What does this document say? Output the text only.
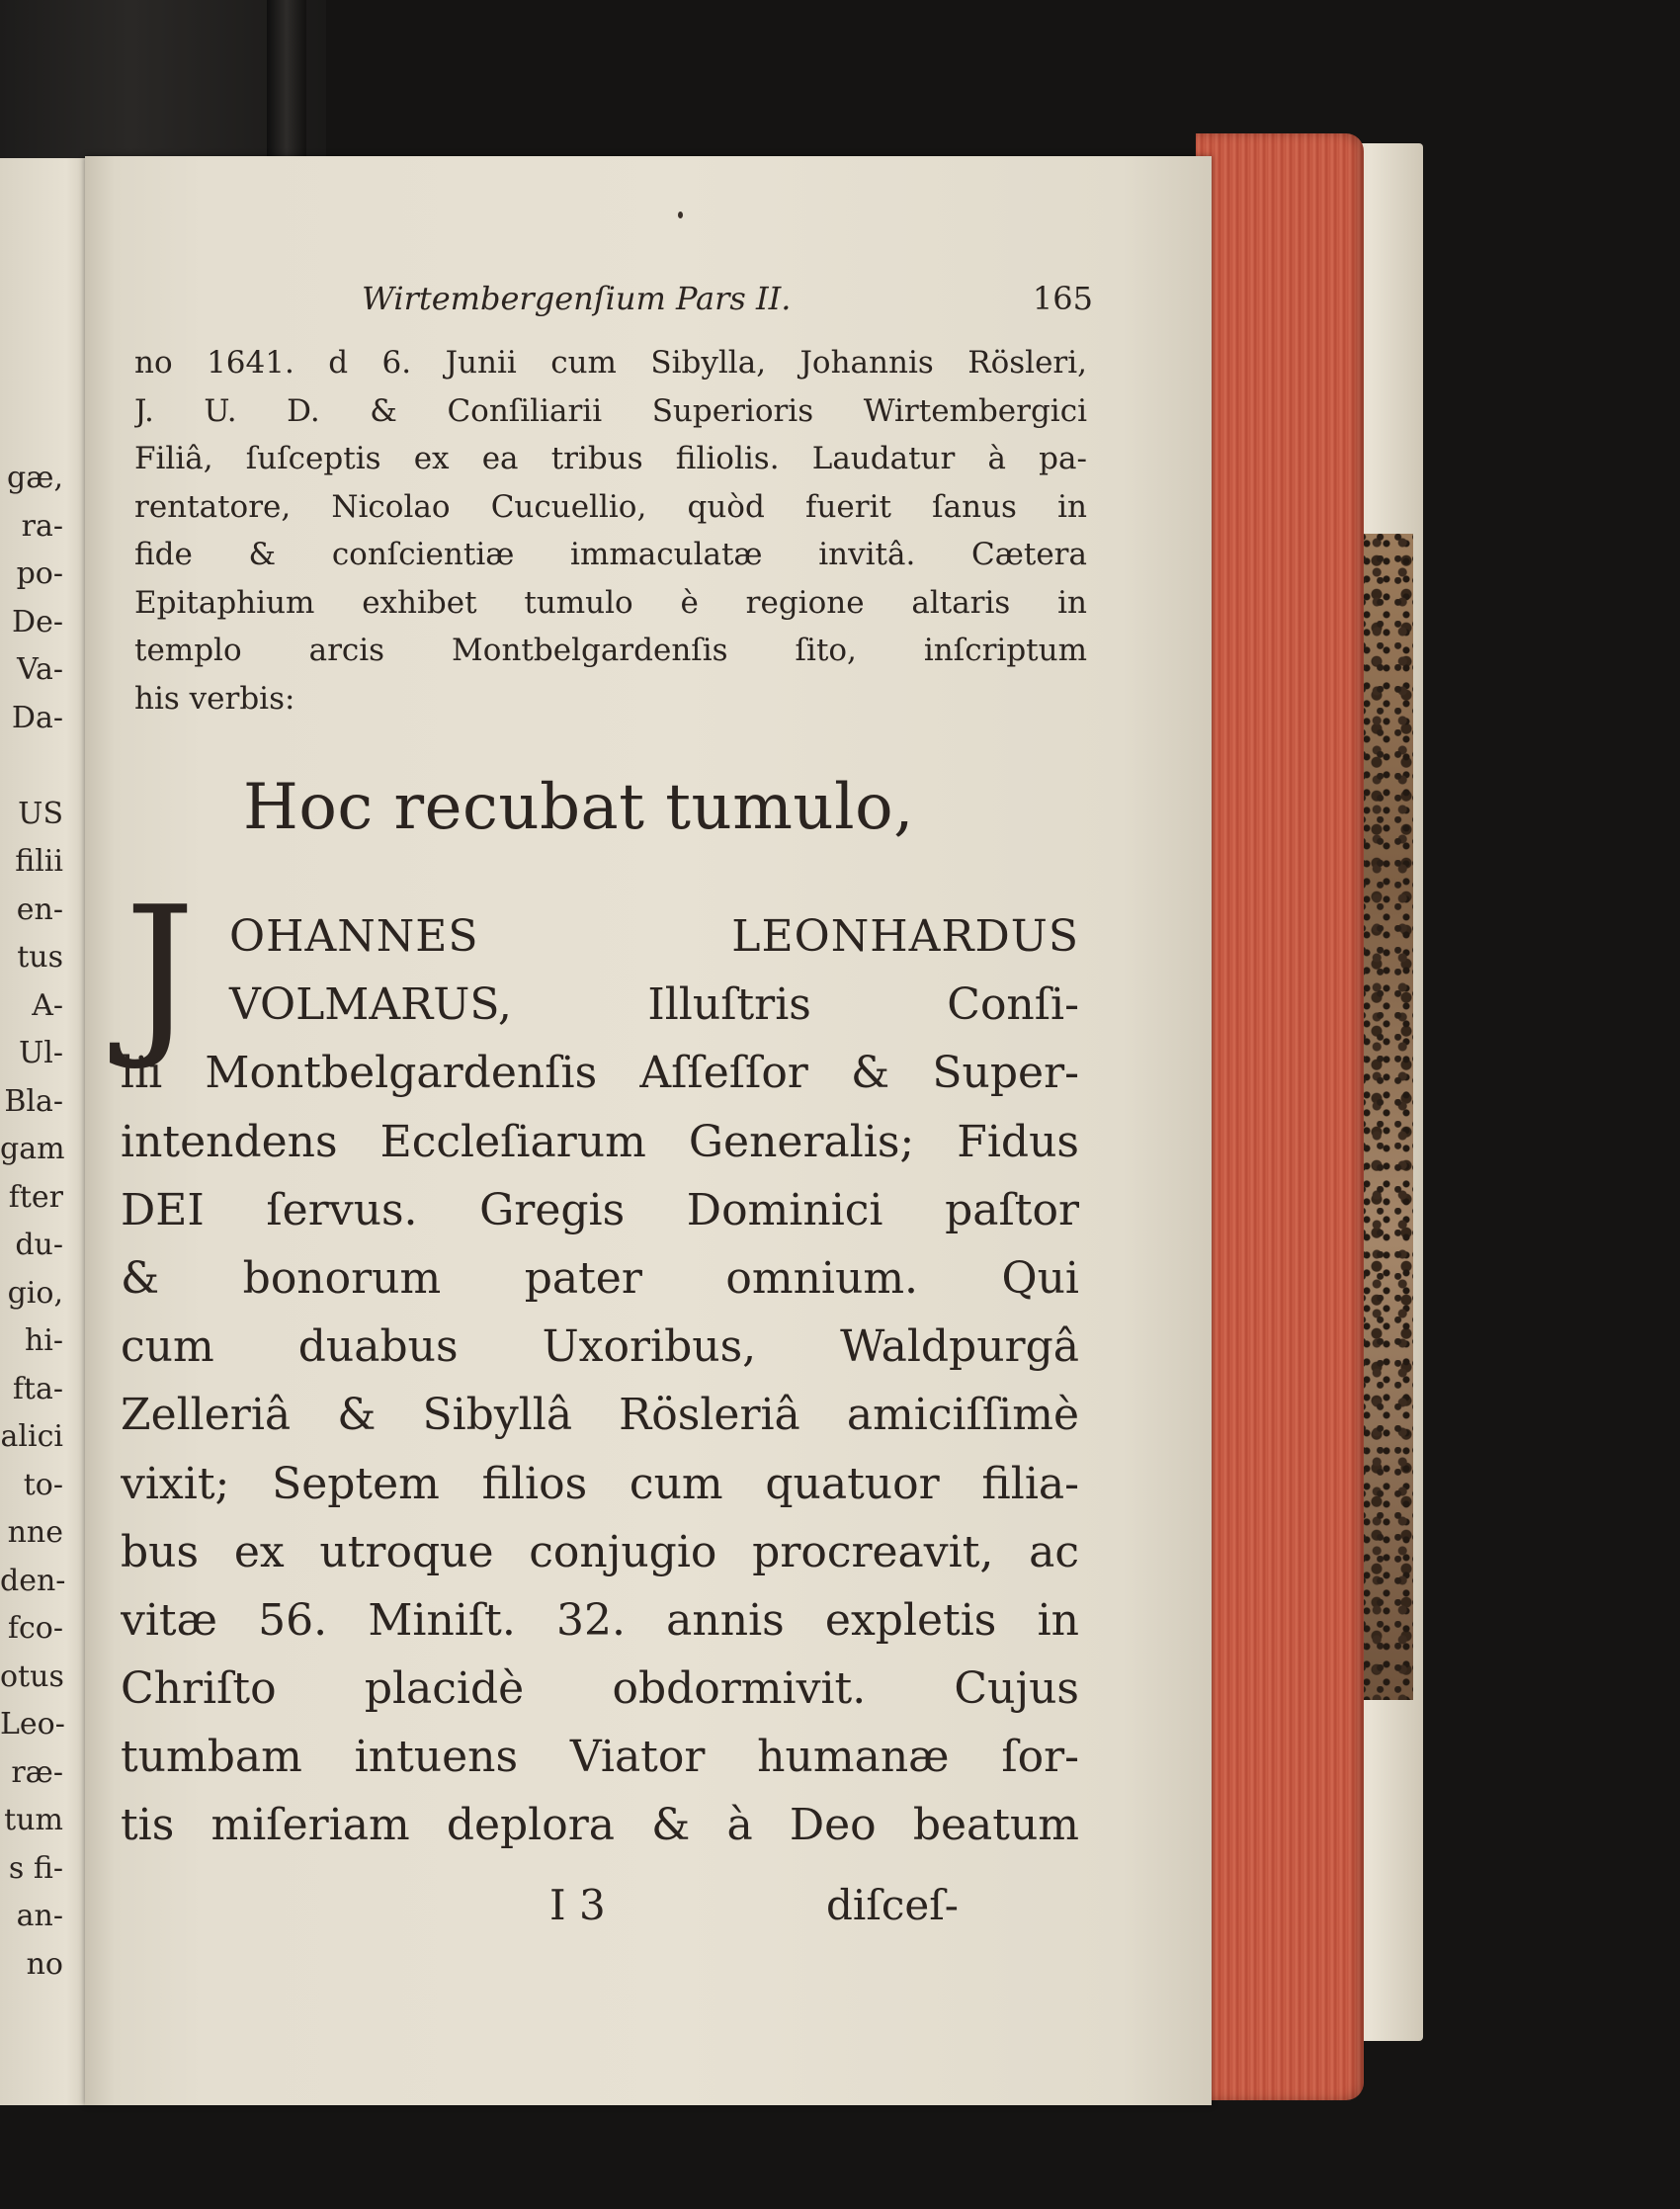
gæ,
ra-
po-
De-
Va-
Da-
US
filii
en-
tus
A-
Ul-
Bla-
gam
fter
du-
gio,
hi-
fta-
alici
to-
nne
den-
fco-
otus
Leo-
ræ-
tum
s fi-
an-
no
Wirtembergenſium Pars II.	165
no 1641. d 6. Junii cum Sibylla, Johannis Rösleri,
J. U. D. & Conſiliarii Superioris Wirtembergici
Filiâ, ſuſceptis ex ea tribus filiolis. Laudatur à pa-
rentatore, Nicolao Cucuellio, quòd fuerit ſanus in
fide & conſcientiæ immaculatæ invitâ. Cætera
Epitaphium exhibet tumulo è regione altaris in
templo arcis Montbelgardenſis ſito, inſcriptum
his verbis:
Hoc recubat tumulo,
J OHANNES LEONHARDUS
VOLMARUS, Illuſtris Conſi-
lii Montbelgardenſis Aſſeſſor & Super-
intendens Eccleſiarum Generalis; Fidus
DEI ſervus. Gregis Dominici paſtor
& bonorum pater omnium. Qui
cum duabus Uxoribus, Waldpurgâ
Zelleriâ & Sibyllâ Rösleriâ amiciſſimè
vixit; Septem filios cum quatuor filia-
bus ex utroque conjugio procreavit, ac
vitæ 56. Miniſt. 32. annis expletis in
Chriſto placidè obdormivit. Cujus
tumbam intuens Viator humanæ ſor-
tis miſeriam deplora & à Deo beatum
I 3	diſceſ-
